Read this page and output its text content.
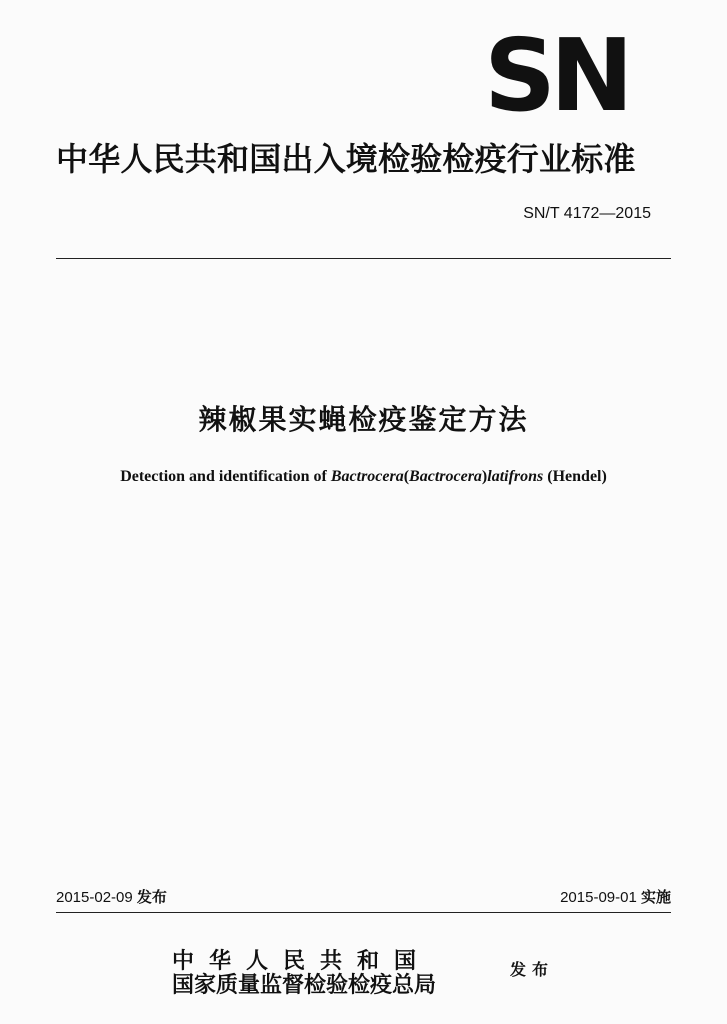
SN
中华人民共和国出入境检验检疫行业标准
SN/T 4172—2015
辣椒果实蝇检疫鉴定方法
Detection and identification of Bactrocera(Bactrocera)latifrons (Hendel)
2015-02-09 发布	2015-09-01 实施
中华人民共和国
国家质量监督检验检疫总局
发布
